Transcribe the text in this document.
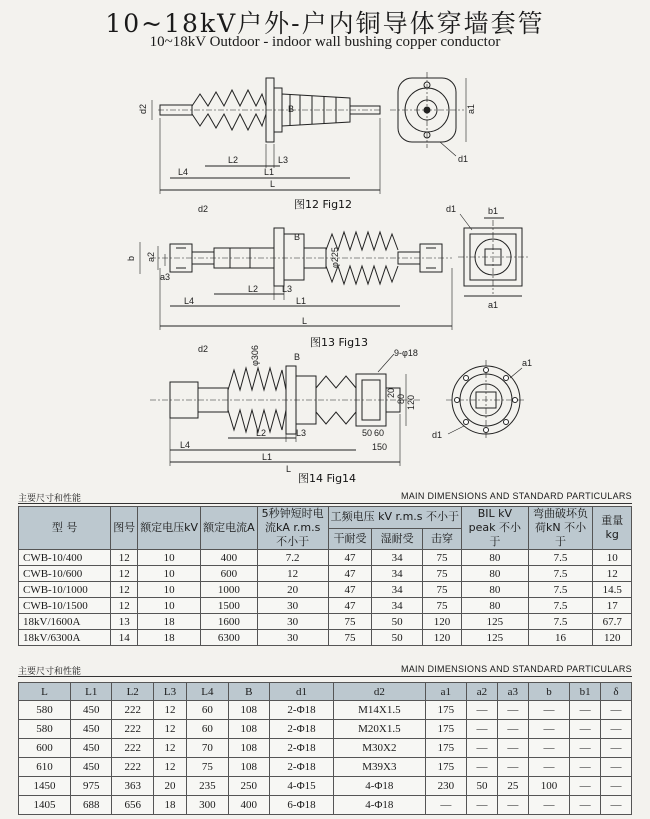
10~18kV户外-户内铜导体穿墙套管
10~18kV Outdoor - indoor wall bushing copper conductor
d2	B
L2	L3
L4	L1
L
a1
d1
d2
b a2
a3
B
φ225
L2	L3
L4	L1
L
d1	b1
a1
d2	φ306	B	9-φ18
L2	L3
L4
L1
L
20
80 120
50 60
150
a1
d1
图12 Fig12
图13 Fig13
图14 Fig14
主要尺寸和性能	MAIN DIMENSIONS AND STANDARD PARTICULARS
型 号	图号	额定电压kV	额定电流A	5秒钟短时电流kA r.m.s 不小于	工频电压 kV r.m.s 不小于			BIL kV peak 不小于	弯曲破坏负荷kN 不小于	重量 kg
					干耐受	湿耐受	击穿			
CWB-10/400	12	10	400	7.2	47	34	75	80	7.5	10
CWB-10/600	12	10	600	12	47	34	75	80	7.5	12
CWB-10/1000	12	10	1000	20	47	34	75	80	7.5	14.5
CWB-10/1500	12	10	1500	30	47	34	75	80	7.5	17
18kV/1600A	13	18	1600	30	75	50	120	125	7.5	67.7
18kV/6300A	14	18	6300	30	75	50	120	125	16	120
主要尺寸和性能	MAIN DIMENSIONS AND STANDARD PARTICULARS
L	L1	L2	L3	L4	B	d1	d2	a1	a2	a3	b	b1	δ
580	450	222	12	60	108	2-Φ18	M14X1.5	175	—	—	—	—	—
580	450	222	12	60	108	2-Φ18	M20X1.5	175	—	—	—	—	—
600	450	222	12	70	108	2-Φ18	M30X2	175	—	—	—	—	—
610	450	222	12	75	108	2-Φ18	M39X3	175	—	—	—	—	—
1450	975	363	20	235	250	4-Φ15	4-Φ18	230	50	25	100	—	—
1405	688	656	18	300	400	6-Φ18	4-Φ18	—	—	—	—	—	—
